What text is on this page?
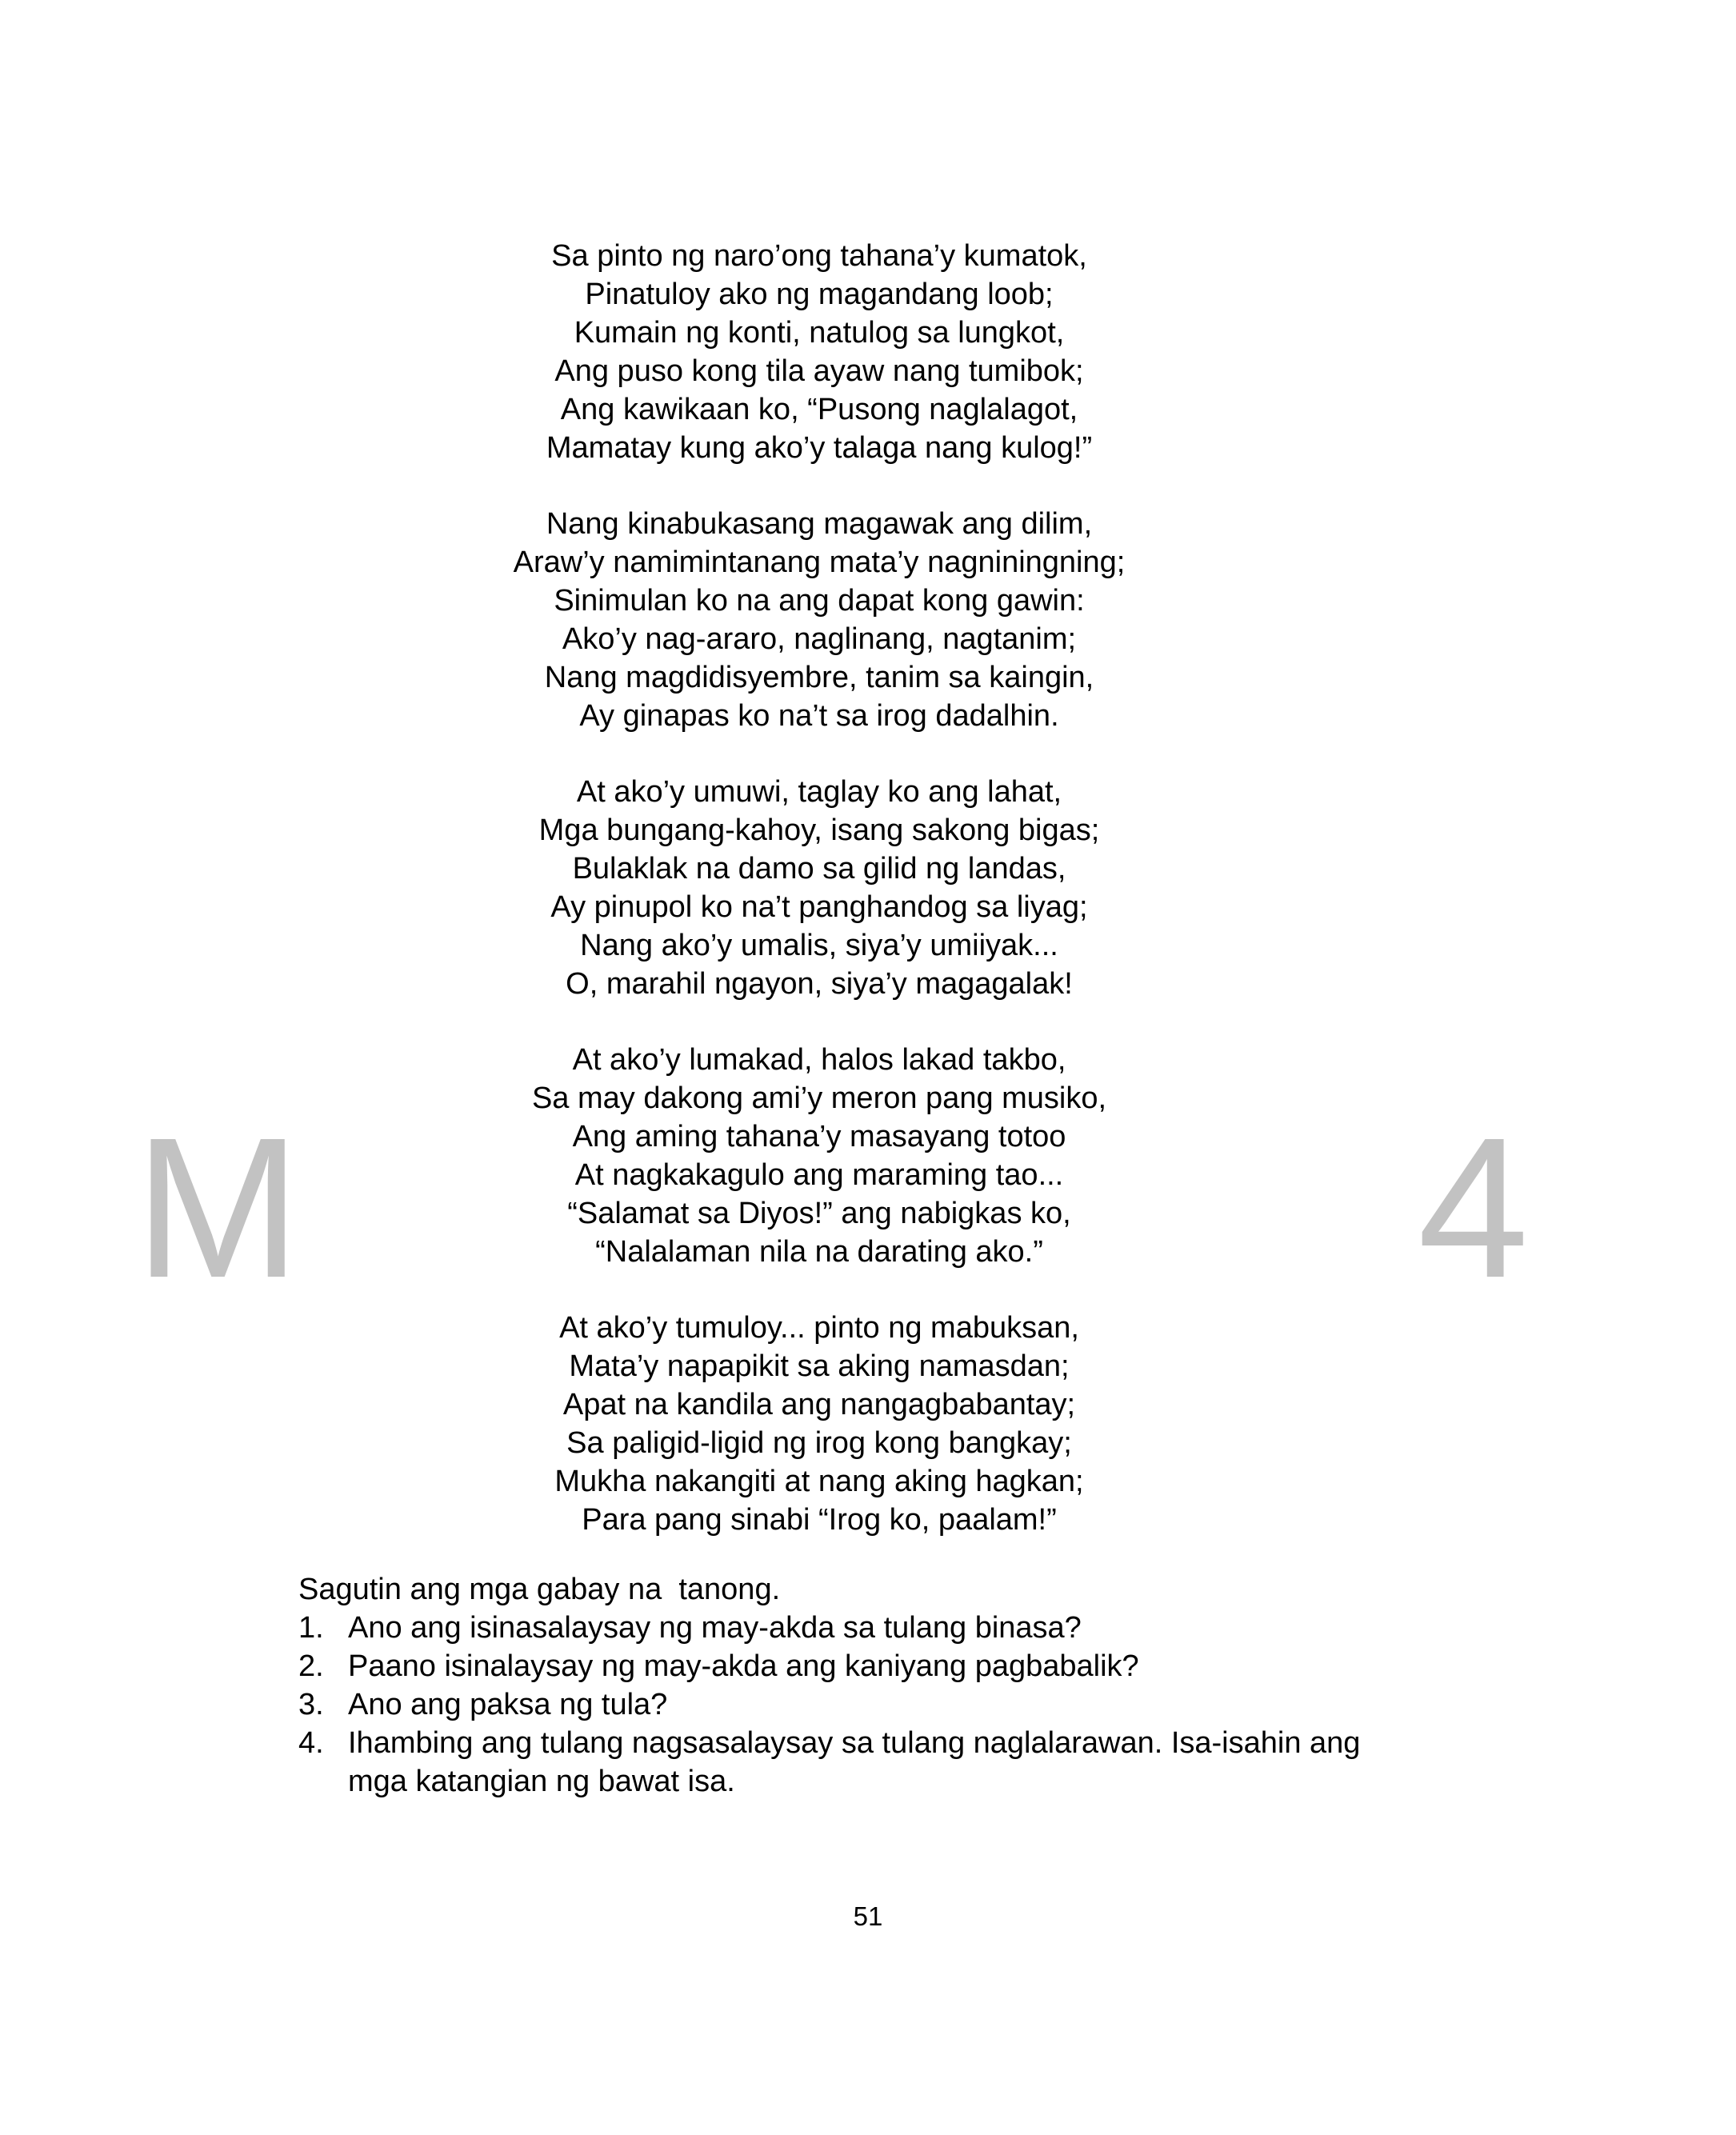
M	4
Sa pinto ng naro’ong tahana’y kumatok,
Pinatuloy ako ng magandang loob;
Kumain ng konti, natulog sa lungkot,
Ang puso kong tila ayaw nang tumibok;
Ang kawikaan ko, “Pusong naglalagot,
Mamatay kung ako’y talaga nang kulog!”
Nang kinabukasang magawak ang dilim,
Araw’y namimintanang mata’y nagniningning;
Sinimulan ko na ang dapat kong gawin:
Ako’y nag-araro, naglinang, nagtanim;
Nang magdidisyembre, tanim sa kaingin,
Ay ginapas ko na’t sa irog dadalhin.
At ako’y umuwi, taglay ko ang lahat,
Mga bungang-kahoy, isang sakong bigas;
Bulaklak na damo sa gilid ng landas,
Ay pinupol ko na’t panghandog sa liyag;
Nang ako’y umalis, siya’y umiiyak...
O, marahil ngayon, siya’y magagalak!
At ako’y lumakad, halos lakad takbo,
Sa may dakong ami’y meron pang musiko,
Ang aming tahana’y masayang totoo
At nagkakagulo ang maraming tao...
“Salamat sa Diyos!” ang nabigkas ko,
“Nalalaman nila na darating ako.”
At ako’y tumuloy... pinto ng mabuksan,
Mata’y napapikit sa aking namasdan;
Apat na kandila ang nangagbabantay;
Sa paligid-ligid ng irog kong bangkay;
Mukha nakangiti at nang aking hagkan;
Para pang sinabi “Irog ko, paalam!”
Sagutin ang mga gabay na  tanong.
1. Ano ang isinasalaysay ng may-akda sa tulang binasa?
2. Paano isinalaysay ng may-akda ang kaniyang pagbabalik?
3. Ano ang paksa ng tula?
4. Ihambing ang tulang nagsasalaysay sa tulang naglalarawan. Isa-isahin ang mga katangian ng bawat isa.
51
